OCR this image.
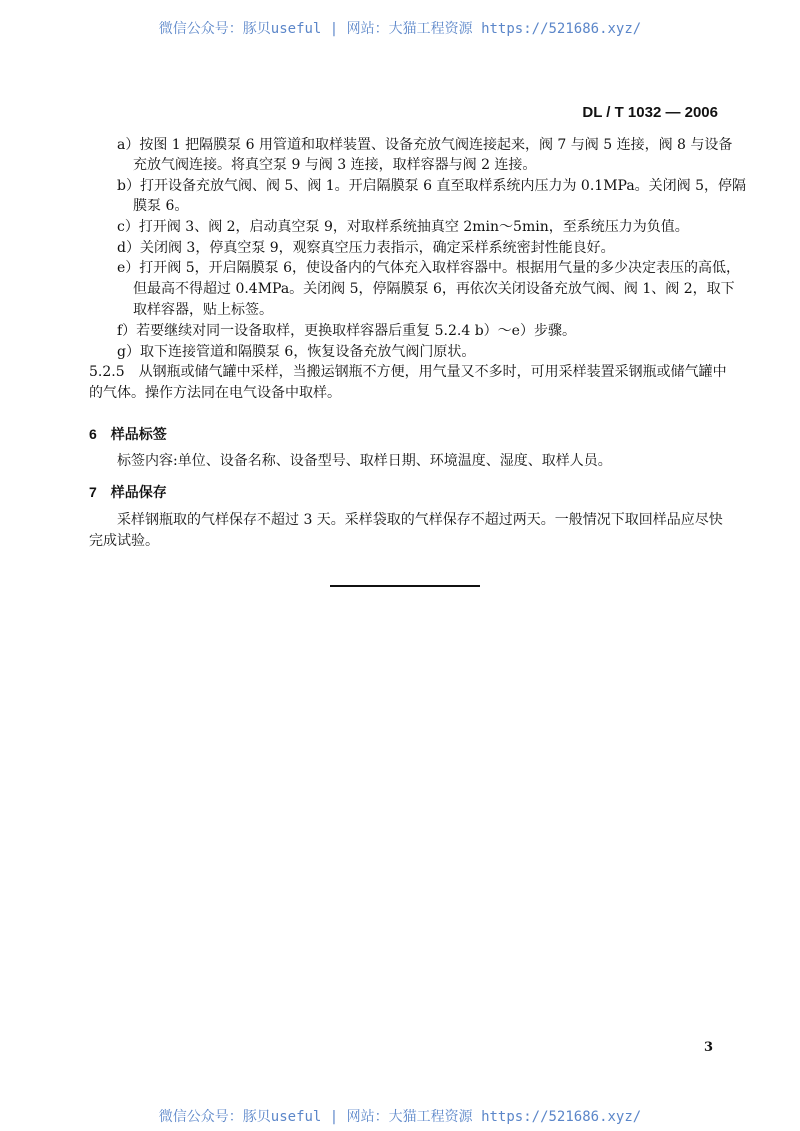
微信公众号：豚贝useful | 网站：大猫工程资源 https://521686.xyz/
DL / T 1032 — 2006
a）按图 1 把隔膜泵 6 用管道和取样装置、设备充放气阀连接起来，阀 7 与阀 5 连接，阀 8 与设备
充放气阀连接。将真空泵 9 与阀 3 连接，取样容器与阀 2 连接。
b）打开设备充放气阀、阀 5、阀 1。开启隔膜泵 6 直至取样系统内压力为 0.1MPa。关闭阀 5，停隔
膜泵 6。
c）打开阀 3、阀 2，启动真空泵 9，对取样系统抽真空 2min～5min，至系统压力为负值。
d）关闭阀 3，停真空泵 9，观察真空压力表指示，确定采样系统密封性能良好。
e）打开阀 5，开启隔膜泵 6，使设备内的气体充入取样容器中。根据用气量的多少决定表压的高低，
但最高不得超过 0.4MPa。关闭阀 5，停隔膜泵 6，再依次关闭设备充放气阀、阀 1、阀 2，取下
取样容器，贴上标签。
f）若要继续对同一设备取样，更换取样容器后重复 5.2.4 b）～e）步骤。
g）取下连接管道和隔膜泵 6，恢复设备充放气阀门原状。
5.2.5　从钢瓶或储气罐中采样，当搬运钢瓶不方便，用气量又不多时，可用采样装置采钢瓶或储气罐中
的气体。操作方法同在电气设备中取样。
6　样品标签
标签内容:单位、设备名称、设备型号、取样日期、环境温度、湿度、取样人员。
7　样品保存
采样钢瓶取的气样保存不超过 3 天。采样袋取的气样保存不超过两天。一般情况下取回样品应尽快
完成试验。
3
微信公众号：豚贝useful | 网站：大猫工程资源 https://521686.xyz/
